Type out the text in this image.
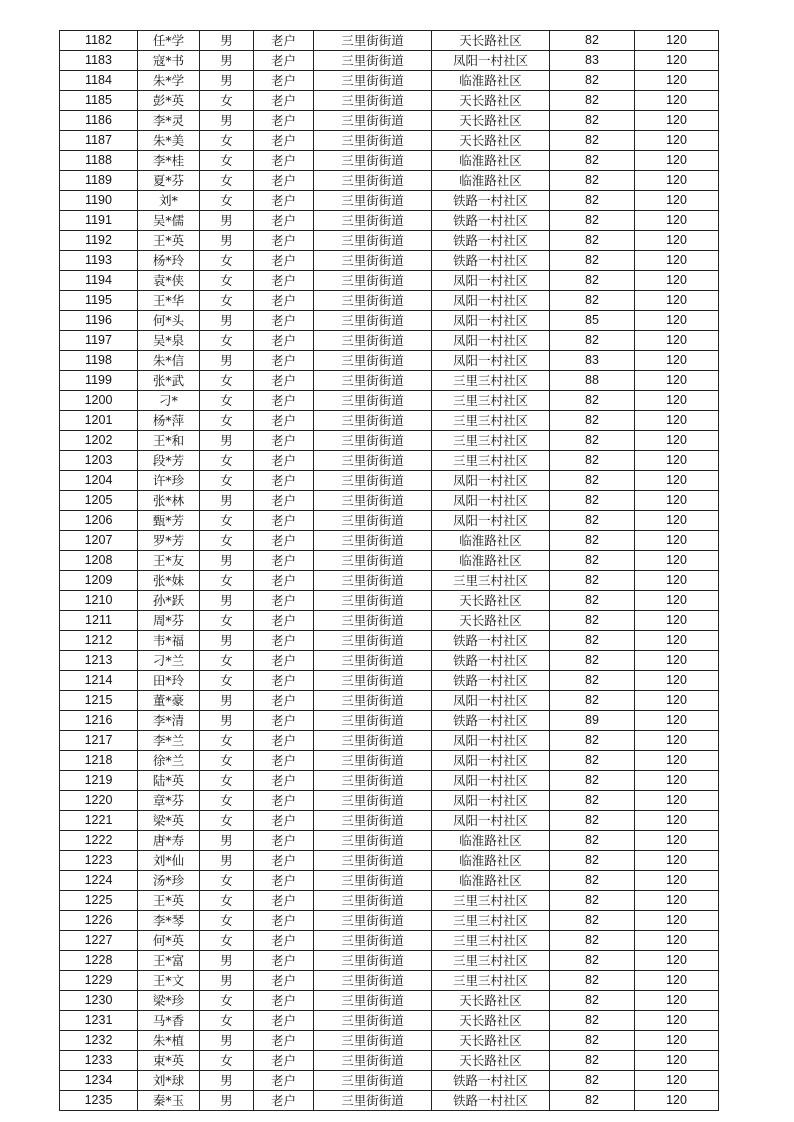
1182	任*学	男	老户	三里街街道	天长路社区	82	120
1183	寇*书	男	老户	三里街街道	凤阳一村社区	83	120
1184	朱*学	男	老户	三里街街道	临淮路社区	82	120
1185	彭*英	女	老户	三里街街道	天长路社区	82	120
1186	李*灵	男	老户	三里街街道	天长路社区	82	120
1187	朱*美	女	老户	三里街街道	天长路社区	82	120
1188	李*桂	女	老户	三里街街道	临淮路社区	82	120
1189	夏*芬	女	老户	三里街街道	临淮路社区	82	120
1190	刘*	女	老户	三里街街道	铁路一村社区	82	120
1191	吴*儒	男	老户	三里街街道	铁路一村社区	82	120
1192	王*英	男	老户	三里街街道	铁路一村社区	82	120
1193	杨*玲	女	老户	三里街街道	铁路一村社区	82	120
1194	袁*侠	女	老户	三里街街道	凤阳一村社区	82	120
1195	王*华	女	老户	三里街街道	凤阳一村社区	82	120
1196	何*头	男	老户	三里街街道	凤阳一村社区	85	120
1197	吴*泉	女	老户	三里街街道	凤阳一村社区	82	120
1198	朱*信	男	老户	三里街街道	凤阳一村社区	83	120
1199	张*武	女	老户	三里街街道	三里三村社区	88	120
1200	刁*	女	老户	三里街街道	三里三村社区	82	120
1201	杨*萍	女	老户	三里街街道	三里三村社区	82	120
1202	王*和	男	老户	三里街街道	三里三村社区	82	120
1203	段*芳	女	老户	三里街街道	三里三村社区	82	120
1204	许*珍	女	老户	三里街街道	凤阳一村社区	82	120
1205	张*林	男	老户	三里街街道	凤阳一村社区	82	120
1206	甄*芳	女	老户	三里街街道	凤阳一村社区	82	120
1207	罗*芳	女	老户	三里街街道	临淮路社区	82	120
1208	王*友	男	老户	三里街街道	临淮路社区	82	120
1209	张*妹	女	老户	三里街街道	三里三村社区	82	120
1210	孙*跃	男	老户	三里街街道	天长路社区	82	120
1211	周*芬	女	老户	三里街街道	天长路社区	82	120
1212	韦*福	男	老户	三里街街道	铁路一村社区	82	120
1213	刁*兰	女	老户	三里街街道	铁路一村社区	82	120
1214	田*玲	女	老户	三里街街道	铁路一村社区	82	120
1215	董*豪	男	老户	三里街街道	凤阳一村社区	82	120
1216	李*清	男	老户	三里街街道	铁路一村社区	89	120
1217	李*兰	女	老户	三里街街道	凤阳一村社区	82	120
1218	徐*兰	女	老户	三里街街道	凤阳一村社区	82	120
1219	陆*英	女	老户	三里街街道	凤阳一村社区	82	120
1220	章*芬	女	老户	三里街街道	凤阳一村社区	82	120
1221	梁*英	女	老户	三里街街道	凤阳一村社区	82	120
1222	唐*寿	男	老户	三里街街道	临淮路社区	82	120
1223	刘*仙	男	老户	三里街街道	临淮路社区	82	120
1224	汤*珍	女	老户	三里街街道	临淮路社区	82	120
1225	王*英	女	老户	三里街街道	三里三村社区	82	120
1226	李*琴	女	老户	三里街街道	三里三村社区	82	120
1227	何*英	女	老户	三里街街道	三里三村社区	82	120
1228	王*富	男	老户	三里街街道	三里三村社区	82	120
1229	王*文	男	老户	三里街街道	三里三村社区	82	120
1230	梁*珍	女	老户	三里街街道	天长路社区	82	120
1231	马*香	女	老户	三里街街道	天长路社区	82	120
1232	朱*植	男	老户	三里街街道	天长路社区	82	120
1233	束*英	女	老户	三里街街道	天长路社区	82	120
1234	刘*球	男	老户	三里街街道	铁路一村社区	82	120
1235	秦*玉	男	老户	三里街街道	铁路一村社区	82	120
